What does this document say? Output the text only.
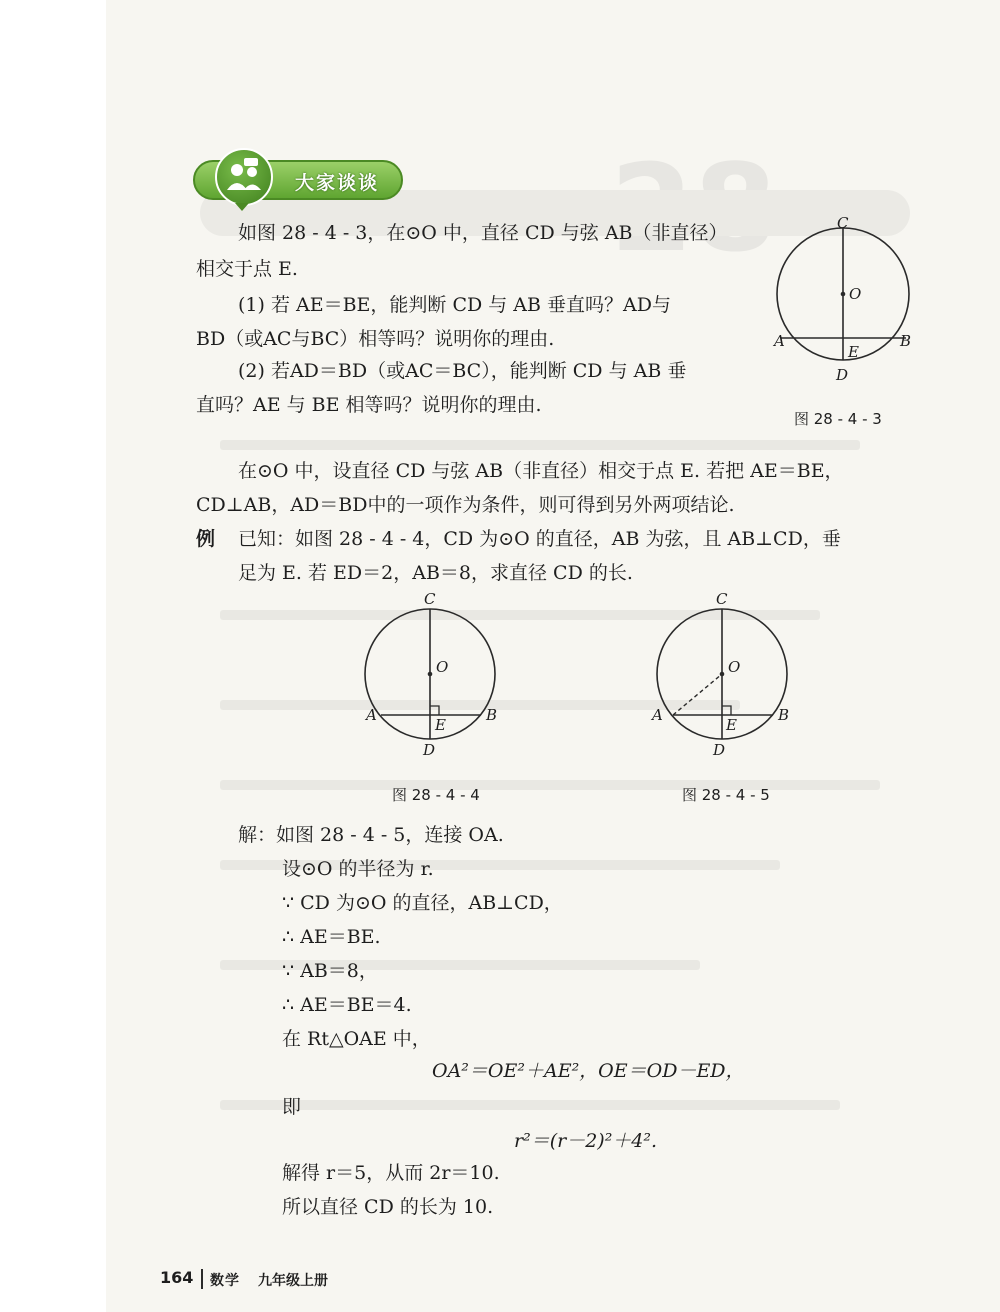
大家谈谈
如图 28 - 4 - 3，在⊙O 中，直径 CD 与弦 AB（非直径）
相交于点 E.
(1) 若 AE＝BE，能判断 CD 与 AB 垂直吗？AD与
BD（或AC与BC）相等吗？说明你的理由.
(2) 若AD＝BD（或AC＝BC），能判断 CD 与 AB 垂
直吗？AE 与 BE 相等吗？说明你的理由.
C
O
A	B
E
D
图 28 - 4 - 3
在⊙O 中，设直径 CD 与弦 AB（非直径）相交于点 E. 若把 AE＝BE，
CD⊥AB，AD＝BD中的一项作为条件，则可得到另外两项结论.
例 已知：如图 28 - 4 - 4，CD 为⊙O 的直径，AB 为弦，且 AB⊥CD，垂
足为 E. 若 ED＝2，AB＝8，求直径 CD 的长.
C
O
A	B
E
D
图 28 - 4 - 4
C
O
A	B
E
D
图 28 - 4 - 5
解：如图 28 - 4 - 5，连接 OA.
设⊙O 的半径为 r.
∵ CD 为⊙O 的直径，AB⊥CD，
∴ AE＝BE.
∵ AB＝8，
∴ AE＝BE＝4.
在 Rt△OAE 中，
OA²＝OE²＋AE²，OE＝OD－ED，
即
r²＝(r－2)²＋4².
解得 r＝5，从而 2r＝10.
所以直径 CD 的长为 10.
164 数学 九年级上册
